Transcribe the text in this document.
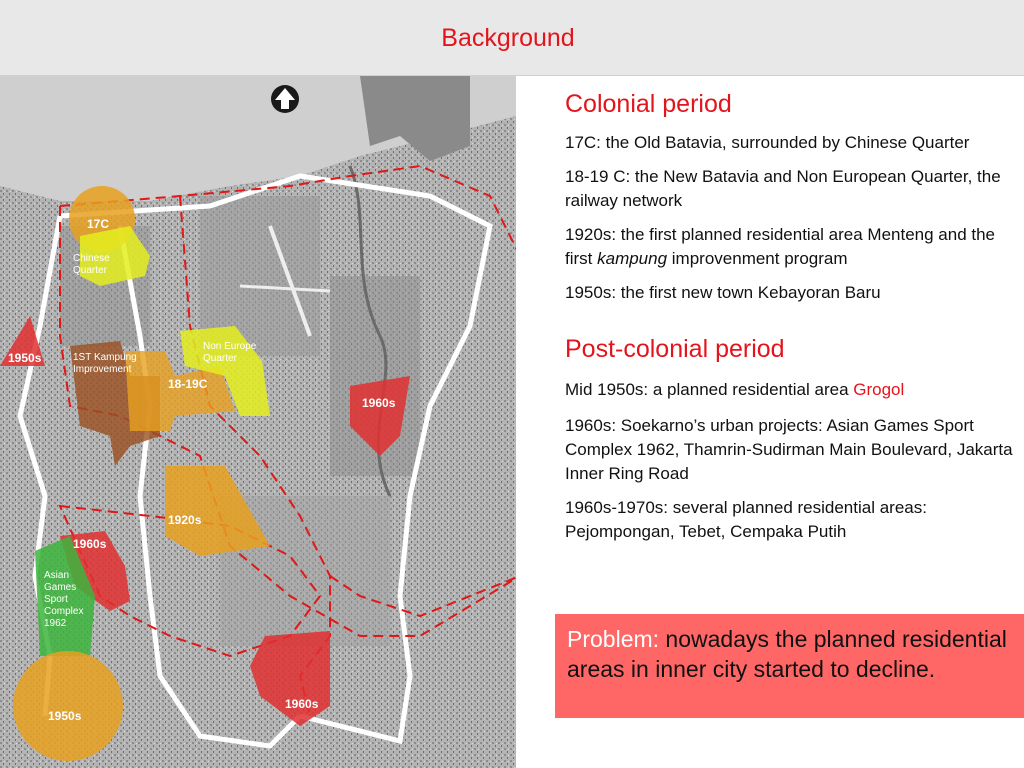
Background
17C
Chinese Quarter
1950s	1ST Kampung Improvement
18-19C
Non Europe Quarter
1960s
1920s
1960s
Asian Games Sport Complex 1962
1960s
1950s
Colonial period
17C: the Old Batavia, surrounded by Chinese Quarter
18-19 C: the New Batavia and Non European Quarter, the railway network
1920s: the first planned residential area Menteng and the first kampung improvenment program
1950s: the first new town Kebayoran Baru
Post-colonial period
Mid 1950s: a planned residential area Grogol
1960s: Soekarno’s urban projects: Asian Games Sport Complex 1962, Thamrin-Sudirman Main Boulevard, Jakarta Inner Ring Road
1960s-1970s: several planned residential areas: Pejompongan, Tebet, Cempaka Putih
Problem: nowadays the planned residential areas in inner city started to decline.
